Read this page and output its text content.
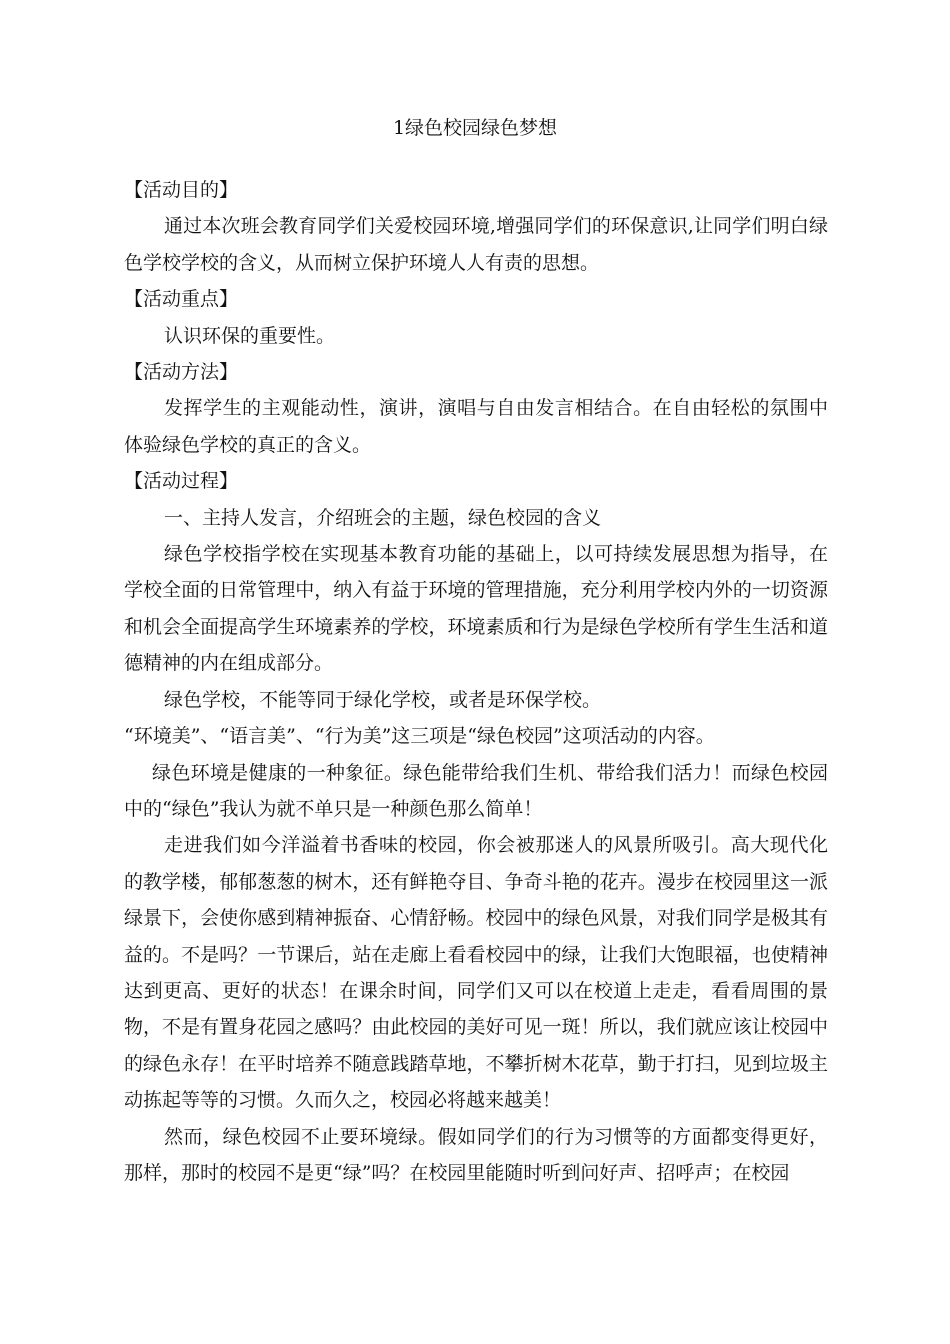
1绿色校园绿色梦想

【活动目的】

通过本次班会教育同学们关爱校园环境,增强同学们的环保意识,让同学们明白绿色学校学校的含义，从而树立保护环境人人有责的思想。

【活动重点】

认识环保的重要性。

【活动方法】

发挥学生的主观能动性，演讲，演唱与自由发言相结合。在自由轻松的氛围中体验绿色学校的真正的含义。

【活动过程】

一、主持人发言，介绍班会的主题，绿色校园的含义

绿色学校指学校在实现基本教育功能的基础上，以可持续发展思想为指导，在学校全面的日常管理中，纳入有益于环境的管理措施，充分利用学校内外的一切资源和机会全面提高学生环境素养的学校，环境素质和行为是绿色学校所有学生生活和道德精神的内在组成部分。

绿色学校，不能等同于绿化学校，或者是环保学校。

“环境美”、“语言美”、“行为美”这三项是“绿色校园”这项活动的内容。

绿色环境是健康的一种象征。绿色能带给我们生机、带给我们活力！而绿色校园中的“绿色”我认为就不单只是一种颜色那么简单！

走进我们如今洋溢着书香味的校园，你会被那迷人的风景所吸引。高大现代化的教学楼，郁郁葱葱的树木，还有鲜艳夺目、争奇斗艳的花卉。漫步在校园里这一派绿景下，会使你感到精神振奋、心情舒畅。校园中的绿色风景，对我们同学是极其有益的。不是吗？一节课后，站在走廊上看看校园中的绿，让我们大饱眼福，也使精神达到更高、更好的状态！在课余时间，同学们又可以在校道上走走，看看周围的景物，不是有置身花园之感吗？由此校园的美好可见一斑！所以，我们就应该让校园中的绿色永存！在平时培养不随意践踏草地，不攀折树木花草，勤于打扫，见到垃圾主动拣起等等的习惯。久而久之，校园必将越来越美！

然而，绿色校园不止要环境绿。假如同学们的行为习惯等的方面都变得更好，那样，那时的校园不是更“绿”吗？在校园里能随时听到问好声、招呼声；在校园
